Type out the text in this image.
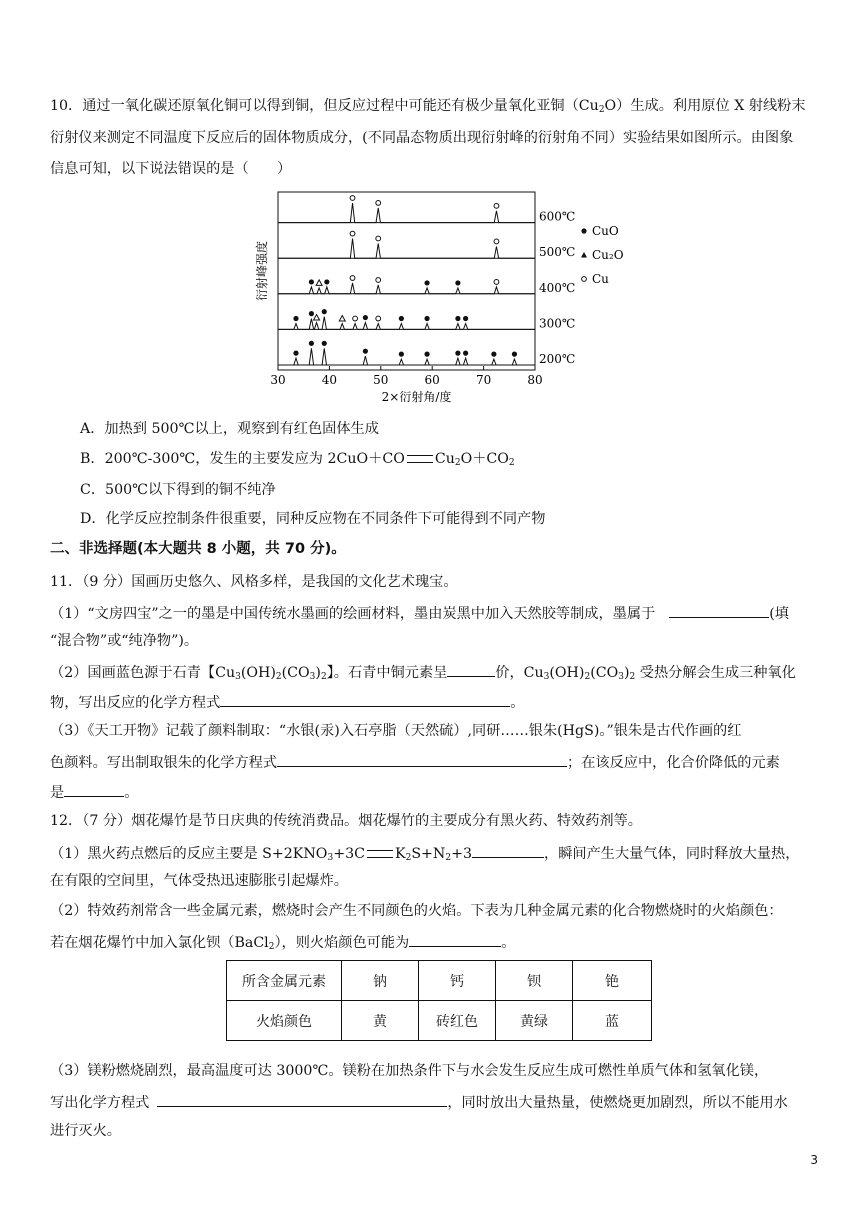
10．通过一氧化碳还原氧化铜可以得到铜，但反应过程中可能还有极少量氧化亚铜$(Cu_2O)$生成。利用原位 X 射线粉末
衍射仪来测定不同温度下反应后的固体物质成分，(不同晶态物质出现衍射峰的衍射角不同）实验结果如图所示。由图象
信息可知，以下说法错误的是（　　）
600℃
500℃
400℃
300℃
200℃
30	40	50	60	70	80
2×衍射角/度
衍射峰强度
CuO
Cu₂O
Cu
A．加热到 500℃以上，观察到有红色固体生成
B．200℃-300℃，发生的主要发应为 2CuO＋CO $Cu_2O+CO_2$
C．500℃以下得到的铜不纯净
D．化学反应控制条件很重要，同种反应物在不同条件下可能得到不同产物
二、非选择题(本大题共 8 小题，共 70 分)。
11．（9 分）国画历史悠久、风格多样，是我国的文化艺术瑰宝。
（1）“文房四宝”之一的墨是中国传统水墨画的绘画材料，墨由炭黑中加入天然胶等制成，墨属于	(填
“混合物”或“纯净物”)。
（2）国画蓝色源于石青【$Cu_3(OH)_2(CO_3)_2$】。石青中铜元素呈	价，$Cu_3(OH)_2(CO_3)_2$ 受热分解会生成三种氧化
物，写出反应的化学方程式	。
（3）《天工开物》记载了颜料制取：“水银(汞)入石亭脂（天然硫）,同研……银朱(HgS)。”银朱是古代作画的红
色颜料。写出制取银朱的化学方程式	；在该反应中，化合价降低的元素
是	。
12．（7 分）烟花爆竹是节日庆典的传统消费品。烟花爆竹的主要成分有黑火药、特效药剂等。
（1）黑火药点燃后的反应主要是 $S+2KNO_3+3C$ $K_2S+N_2+3$	，瞬间产生大量气体，同时释放大量热，
在有限的空间里，气体受热迅速膨胀引起爆炸。
（2）特效药剂常含一些金属元素，燃烧时会产生不同颜色的火焰。下表为几种金属元素的化合物燃烧时的火焰颜色：
若在烟花爆竹中加入氯化钡（BaCl$_2$），则火焰颜色可能为	。
所含金属元素	钠	钙	钡	铯
火焰颜色	黄	砖红色	黄绿	蓝
（3）镁粉燃烧剧烈，最高温度可达 3000℃。镁粉在加热条件下与水会发生反应生成可燃性单质气体和氢氧化镁，
写出化学方程式	，同时放出大量热量，使燃烧更加剧烈，所以不能用水
进行灭火。
3
